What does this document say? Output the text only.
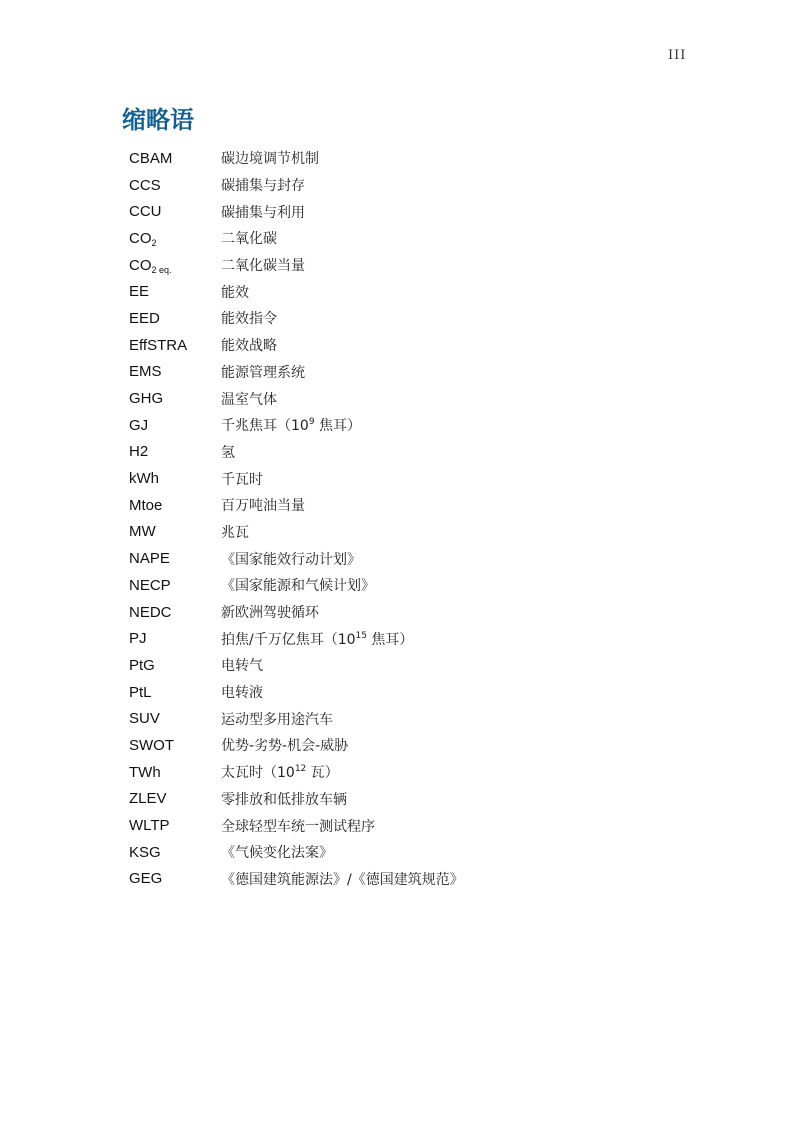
III
缩略语
CBAM	碳边境调节机制
CCS	碳捕集与封存
CCU	碳捕集与利用
$CO_2$	二氧化碳
$CO_{2 eq.}$	二氧化碳当量
EE	能效
EED	能效指令
EffSTRA	能效战略
EMS	能源管理系统
GHG	温室气体
GJ	千兆焦耳（$10^9$ 焦耳）
H2	氢
kWh	千瓦时
Mtoe	百万吨油当量
MW	兆瓦
NAPE	《国家能效行动计划》
NECP	《国家能源和气候计划》
NEDC	新欧洲驾驶循环
PJ	拍焦/千万亿焦耳（$10^{15}$ 焦耳）
PtG	电转气
PtL	电转液
SUV	运动型多用途汽车
SWOT	优势-劣势-机会-威胁
TWh	太瓦时（$10^{12}$ 瓦）
ZLEV	零排放和低排放车辆
WLTP	全球轻型车统一测试程序
KSG	《气候变化法案》
GEG	《德国建筑能源法》/《德国建筑规范》
